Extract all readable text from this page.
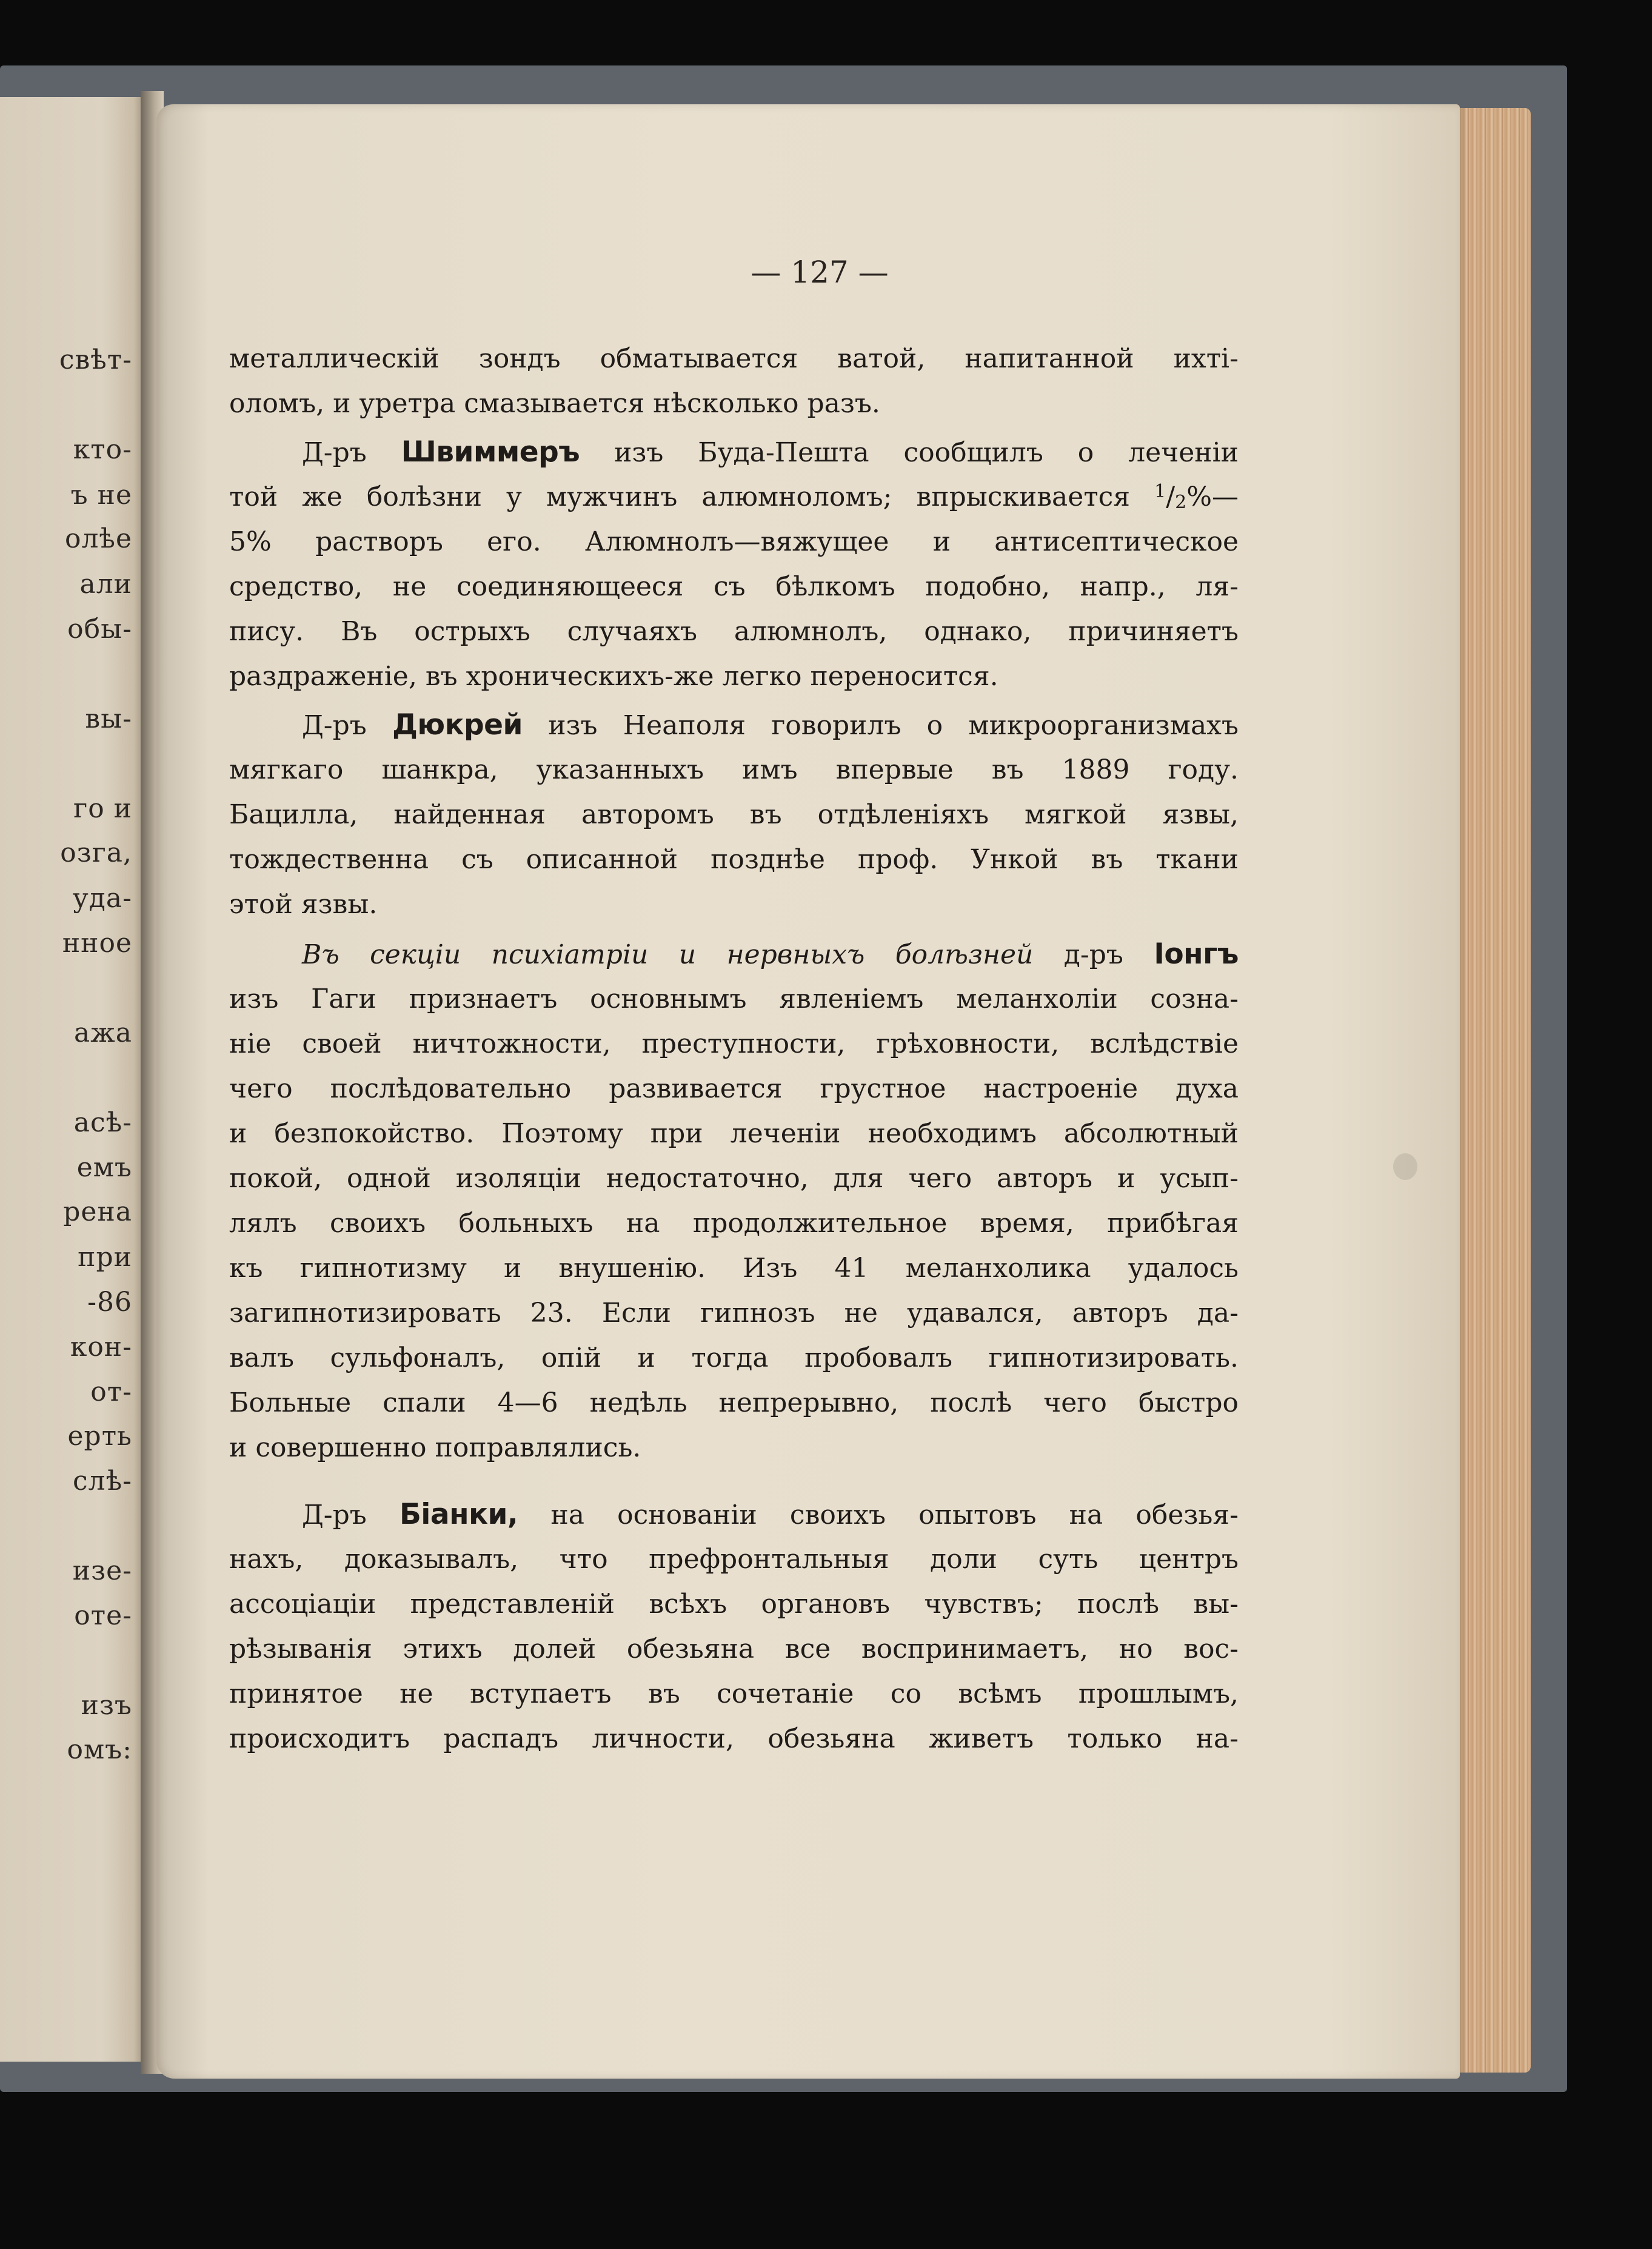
свѣт-
кто-
ъ не
олѣе
али
обы-
вы-
го и
озга,
уда-
нное
ажа
асѣ-
емъ
рена
при
-86
кон-
от-
ерть
слѣ-
изе-
оте-
изъ
омъ:
— 127 —
металлическій зондъ обматывается ватой, напитанной ихті-
оломъ, и уретра смазывается нѣсколько разъ.
Д-ръ Швиммеръ изъ Буда-Пешта сообщилъ о леченіи
той же болѣзни у мужчинъ алюмноломъ; впрыскивается $^1$/2%—
5% растворъ его. Алюмнолъ—вяжущее и антисептическое
средство, не соединяющееся съ бѣлкомъ подобно, напр., ля-
пису. Въ острыхъ случаяхъ алюмнолъ, однако, причиняетъ
раздраженіе, въ хроническихъ-же легко переносится.
Д-ръ Дюкрей изъ Неаполя говорилъ о микроорганизмахъ
мягкаго шанкра, указанныхъ имъ впервые въ 1889 году.
Бацилла, найденная авторомъ въ отдѣленіяхъ мягкой язвы,
тождественна съ описанной позднѣе проф. Ункой въ ткани
этой язвы.
Въ секціи психіатріи и нервныхъ болѣзней д-ръ Іонгъ
изъ Гаги признаетъ основнымъ явленіемъ меланхоліи созна-
ніе своей ничтожности, преступности, грѣховности, вслѣдствіе
чего послѣдовательно развивается грустное настроеніе духа
и безпокойство. Поэтому при леченіи необходимъ абсолютный
покой, одной изоляціи недостаточно, для чего авторъ и усып-
лялъ своихъ больныхъ на продолжительное время, прибѣгая
къ гипнотизму и внушенію. Изъ 41 меланхолика удалось
загипнотизировать 23. Если гипнозъ не удавался, авторъ да-
валъ сульфоналъ, опій и тогда пробовалъ гипнотизировать.
Больные спали 4—6 недѣль непрерывно, послѣ чего быстро
и совершенно поправлялись.
Д-ръ Біанки, на основаніи своихъ опытовъ на обезья-
нахъ, доказывалъ, что префронтальныя доли суть центръ
ассоціаціи представленій всѣхъ органовъ чувствъ; послѣ вы-
рѣзыванія этихъ долей обезьяна все воспринимаетъ, но вос-
принятое не вступаетъ въ сочетаніе со всѣмъ прошлымъ,
происходитъ распадъ личности, обезьяна живетъ только на-
